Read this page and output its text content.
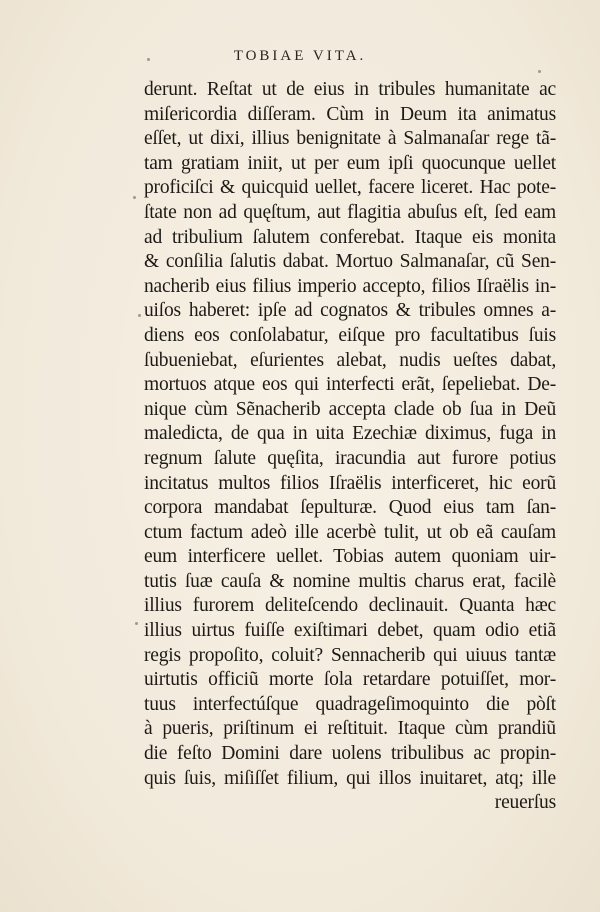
TOBIAE VITA.
derunt. Reſtat ut de eius in tribules humanitate ac
miſericordia diſſeram. Cùm in Deum ita animatus
eſſet, ut dixi, illius benignitate à Salmanaſar rege tã-
tam gratiam iniit, ut per eum ipſi quocunque uellet
proficiſci & quicquid uellet, facere liceret. Hac pote-
ſtate non ad quęſtum, aut flagitia abuſus eſt, ſed eam
ad tribulium ſalutem conferebat. Itaque eis monita
& conſilia ſalutis dabat. Mortuo Salmanaſar, cũ Sen-
nacherib eius filius imperio accepto, filios Iſraëlis in-
uiſos haberet: ipſe ad cognatos & tribules omnes a-
diens eos conſolabatur, eiſque pro facultatibus ſuis
ſubueniebat, eſurientes alebat, nudis ueſtes dabat,
mortuos atque eos qui interfecti erãt, ſepeliebat. De-
nique cùm Sẽnacherib accepta clade ob ſua in Deũ
maledicta, de qua in uita Ezechiæ diximus, fuga in
regnum ſalute quęſita, iracundia aut furore potius
incitatus multos filios Iſraëlis interficeret, hic eorũ
corpora mandabat ſepulturæ. Quod eius tam ſan-
ctum factum adeò ille acerbè tulit, ut ob eã cauſam
eum interficere uellet. Tobias autem quoniam uir-
tutis ſuæ cauſa & nomine multis charus erat, facilè
illius furorem deliteſcendo declinauit. Quanta hæc
illius uirtus fuiſſe exiſtimari debet, quam odio etiã
regis propoſito, coluit? Sennacherib qui uiuus tantæ
uirtutis officiũ morte ſola retardare potuiſſet, mor-
tuus interfectúſque quadrageſimoquinto die pòſt
à pueris, priſtinum ei reſtituit. Itaque cùm prandiũ
die feſto Domini dare uolens tribulibus ac propin-
quis ſuis, miſiſſet filium, qui illos inuitaret, atq; ille
reuerſus
